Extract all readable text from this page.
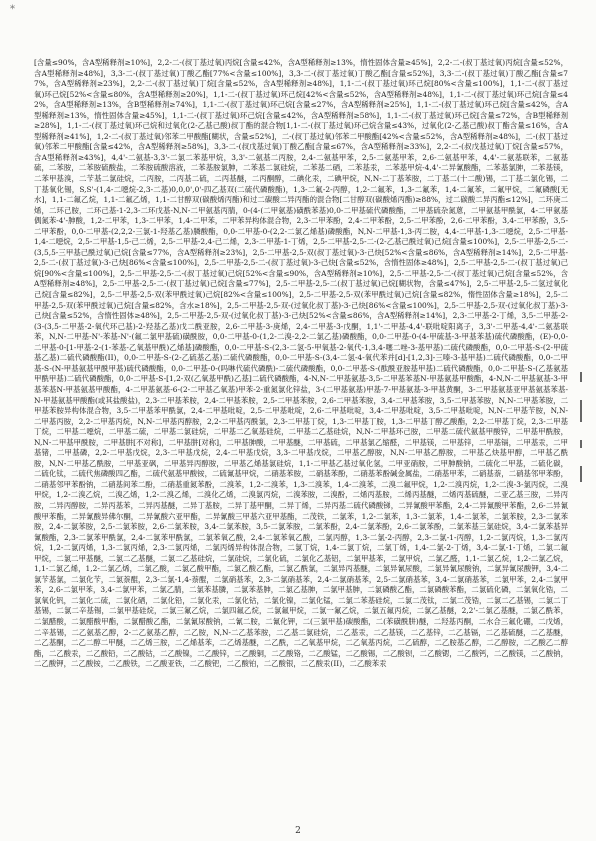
*
[含量≤90%，含A型稀释剂≥10%]，2,2-二-(叔丁基过氧)丙烷[含量≤42%，含A型稀释剂≥13%，惰性固体含量≥45%]，2,2-二-(叔丁基过氧)丙烷[含量≤52%，含A型稀释剂≥48%]，3,3-二-(叔丁基过氧)丁酸乙酯[77%<含量≤100%]，3,3-二-(叔丁基过氧)丁酸乙酯[含量≤52%]，3,3-二-(叔丁基过氧)丁酸乙酯[含量≤77%，含A型稀释剂≥23%]，2,2-二-(叔丁基过氧)丁烷[含量≤52%，含A型稀释剂≥48%]，1,1-二-(叔丁基过氧)环己烷[80%<含量≤100%]，1,1-二-(叔丁基过氧)环己烷[52%<含量≤80%，含A型稀释剂≥20%]，1,1-二-(叔丁基过氧)环己烷[42%<含量≤52%，含A型稀释剂≥48%]，1,1-二-(叔丁基过氧)环己烷[含量≤42%，含A型稀释剂≥13%，含B型稀释剂≥74%]，1,1-二-(叔丁基过氧)环己烷[含量≤27%，含A型稀释剂≥25%]，1,1-二-(叔丁基过氧)环己烷[含量≤42%，含A型稀释剂≥13%，惰性固体含量≥45%]，1,1-二-(叔丁基过氧)环己烷[含量≤42%，含A型稀释剂≥58%]，1,1-二-(叔丁基过氧)环己烷[含量≤72%，含B型稀释剂≥28%]，1,1-二-(叔丁基过氧)环己烷和过氧化(2-乙基己酸)叔丁酯的混合物[1,1-二-(叔丁基过氧)环己烷含量≤43%，过氧化(2-乙基己酸)叔丁酯含量≤16%，含A型稀释剂≥41%]，1,2-二-(叔丁基过氧)邻苯二甲酸酯[糊状，含量≤52%]，二-(叔丁基过氧)邻苯二甲酸酯[42%<含量≤52%，含A型稀释剂≥48%]，二-(叔丁基过氧)邻苯二甲酸酯[含量≤42%，含A型稀释剂≥58%]，3,3-二-(叔戊基过氧)丁酸乙酯[含量≤67%，含A型稀释剂≥33%]，2,2-二-(叔戊基过氧)丁烷[含量≤57%，含A型稀释剂≥43%]，4,4'-二氨基-3,3'-二氯二苯基甲烷，3,3'-二氨基二丙胺，2,4-二氨基甲苯，2,5-二氨基甲苯，2,6-二氨基甲苯，4,4'-二氨基联苯，二氨基硫，二苯胺，二苯胺硫酸盐，二苯胺硫酸溶液，二苯基胺氯胂，二苯基二氯硅烷，二苯基二硒，二苯基汞，二苯基甲烷-4,4'-二异氰酸酯，二苯基氯胂，二苯基镁，二苯甲基溴，二苄基二氯硅烷，二丙胺，二丙基二硫，二丙基醚，二丙酮醇，二碘化汞，二碘甲烷，N,N-二丁基苯胺，二丁基二(十二酸)锡，二丁基二氯化锡，二丁基氧化锡，S,S'-(1,4-二噁烷-2,3-二基)0,0,0',0'-四乙基双(二硫代磷酸酯)，1,3-二氟-2-丙醇，1,2-二氟苯，1,3-二氟苯，1,4-二氟苯，二氟甲烷，二氟磷酸[无水]，1,1-二氟乙烷，1,1-二氟乙烯，1,1-二甘醇双(碳酸烯丙酯)和过二碳酸二异丙酯的混合物[二甘醇双(碳酸烯丙酯)≥88%，过二碳酸二异丙酯≤12%]，二环庚二烯，二环己胺，二环己基-1-2,3-二环戊基-N,N-二甲氨基丙腈，0-(4-(二甲氨基)磺酰苯基)0,0-二甲基硫代磷酸酯，二甲基硫杂氮蒽，二甲氨基甲酰氯，4-二甲氨基偶氮苯-4'-胂酸，1,2-二甲苯，1,3-二甲苯，1,4-二甲苯，二甲苯异构体混合物，2,3-二甲苯酚，2,4-二甲苯酚，2,5-二甲苯酚，2,6-二甲苯酚，3,4-二甲苯酚，3,5-二甲苯酚，0,0-二甲基-(2,2,2-三氯-1-羟基乙基)膦酸酯，0,0-二甲基-0-(2,2-二氯乙烯基)磷酸酯，N,N-二甲基-1,3-丙二胺，4,4-二甲基-1,3-二噁烷，2,5-二甲基-1,4-二噁烷，2,5-二甲基-1,5-己二烯，2,5-二甲基-2,4-己二烯，2,3-二甲基-1-丁烯，2,5-二甲基-2,5-二-(2-乙基己酰过氧)己烷[含量≤100%]，2,5-二甲基-2,5-二-(3,5,5-三甲基己酰过氧)己烷[含量≤77%，含A型稀释剂≥23%]，2,5-二甲基-2,5-双(叔丁基过氧)-3-己炔[52%<含量≤86%，含A型稀释剂≥14%]，2,5-二甲基-2,5-二-(叔丁基过氧)-3-己炔[86%<含量≤100%]，2,5-二甲基-2,5-二-(叔丁基过氧)-3-己炔[含量≤52%，含惰性固体≥48%]，2,5-二甲基-2,5-二-(叔丁基过氧)己烷[90%<含量≤100%]，2,5-二甲基-2,5-二-(叔丁基过氧)己烷[52%<含量≤90%，含A型稀释剂≥10%]，2,5-二甲基-2,5-二-(叔丁基过氧)己烷[含量≤52%，含A型稀释剂≥48%]，2,5-二甲基-2,5-二-(叔丁基过氧)己烷[含量≤77%]，2,5-二甲基-2,5-二(叔丁基过氧)己烷[糊状物，含量≤47%]，2,5-二甲基-2,5-二氢过氧化己烷[含量≤82%]，2,5-二甲基-2,5-双(苯甲酰过氧)己烷[82%<含量≤100%]，2,5-二甲基-2,5-双(苯甲酰过氧)己烷[含量≤82%，惰性固体含量≥18%]，2,5-二甲基-2,5-双(苯甲酰过氧)己烷[含量≤82%，含水≥18%]，2,5-二甲基-2,5-双-(过氧化叔丁基)-3-己炔[86%<含量≤100%]，2,5-二甲基-2,5-双-(过氧化叔丁基)-3-己炔[含量≤52%，含惰性固体≥48%]，2,5-二甲基-2,5-双-(过氧化叔丁基)-3-己炔[52%<含量≤86%，含A型稀释剂≥14%]，2,3-二甲基-2-丁烯，3,5-二甲基-2-(3-(3,5-二甲基-2-氧代环己基)-2-羟基乙基)戊二酰亚胺，2,6-二甲基-3-庚烯，2,4-二甲基-3-戊酮，1,1'-二甲基-4,4'-联吡啶阳离子，3,3'-二甲基-4,4'-二氨基联苯，N,N-二甲基-N'-苯基-N'-(氟二氯甲基硫)磺酰胺，0,0-二甲基-0-(1,2-二溴-2,2-二氯乙基)磷酸酯，0,0-二甲基-0-(4-甲硫基-3-甲基苯基)硫代磷酸酯，(E)-0,0-二甲基-0-[1-甲基-2-(1-苯基-乙氧基甲酰)乙烯基]磷酸酯，0,0-二甲基-S-(2,3-二氢-5-甲氧基-2-氧代-1,3,4-噻二唑-3-基甲基)二硫代磷酸酯，0,0-二甲基-S-(2-甲硫基乙基)二硫代磷酸酯(II)，0,0-二甲基-S-(2-乙硫基乙基)二硫代磷酸酯，0,0-二甲基-S-(3,4-二氢-4-氧代苯并[d]-[1,2,3]-三嗪-3-基甲基)二硫代磷酸酯，0,0-二甲基-S-(N-甲基氨基甲酰甲基)硫代磷酸酯，0,0-二甲基-0-(吗啉代硫代磷酰)-二硫代磷酸酯，0,0-二甲基-S-(酞酰亚胺基甲基)二硫代磷酸酯，0,0-二甲基-S-(乙基氨基甲酰甲基)二硫代磷酸酯，0,0-二甲基-S-[1,2-双(乙氧基甲酰)乙基]二硫代磷酸酯，4-N,N-二甲基氨基-3,5-二甲基苯基N-甲基氨基甲酸酯，4-N,N-二甲基氨基-3-甲基苯基N-甲基氨基甲酸酯，4-二甲基氨基-6-(2-二甲基乙氧基)甲苯-2-重氮氯化锌盐，3-(二甲基氨基)甲基-7-甲基氨基-3-甲基黄酮，3-二甲基氨基亚甲基氨基苯基-N-甲基氨基甲酸酯(或其盐酸盐)，2,3-二甲基苯胺，2,4-二甲基苯胺，2,5-二甲基苯胺，2,6-二甲基苯胺，3,4-二甲基苯胺，3,5-二甲基苯胺，N,N-二甲基苯胺，二甲基苯胺异构体混合物，3,5-二甲基苯甲酰氯，2,4-二甲基吡啶，2,5-二甲基吡啶，2,6-二甲基吡啶，3,4-二甲基吡啶，3,5-二甲基吡啶，N,N-二甲基苄胺，N,N-二甲基丙胺，2,2-二甲基丙烷，N,N-二甲基丙醇胺，2,2-二甲基丙酰氯，2,3-二甲基丁烷，1,3-二甲基丁胺，1,3-二甲基丁醇乙酸酯，2,2-二甲基丁烷，2,3-二甲基丁烷，二甲基二噁烷，二甲基二硫，二甲基二氯硅烷，二甲基二乙氧基硅烷，二甲基二乙基硅烷，N,N-二甲基环己胺，二甲基二硫代氨基甲酸锌，二甲基甲酰胺，N,N-二甲基甲酰胺，二甲基肼[不对称]，二甲基肼[对称]，二甲基胂酸，二甲基醚，二甲基硫，二甲基氯乙缩醛，二甲基镁，二甲基锌，二甲基镉，二甲基汞，二甲基锗，二甲基磷，2,2-二甲基戊烷，2,3-二甲基戊烷，2,4-二甲基戊烷，3,3-二甲基戊烷，二甲基乙醇胺，N,N-二甲基乙醇胺，二甲基乙炔基甲醇，二甲基乙酰胺，N,N-二甲基乙酰胺，二甲基亚砜，二甲基异丙醇胺，二甲基乙烯基氯硅烷，1,1-二甲基乙基过氧化氢，二甲亚硝胺，二甲胂酸钠，二硫化二甲基，二硫化碳，二硫化钛，二硫代焦磷酸四乙酯，二硫代氨基甲酸铵，二硫氰基甲烷，二硝基苯胺，二硝基苯酚，二硝基苯酚碱金属盐，二硝基甲苯，二硝基萘，二硝基邻甲苯酚，二硝基邻甲苯酚钠，二硝基间苯二酚，二硝基重氮苯酚，二溴苯，1,2-二溴苯，1,3-二溴苯，1,4-二溴苯，二溴二氟甲烷，1,2-二溴丙烷，1,2-二溴-3-氯丙烷，二溴甲烷，1,2-二溴乙烷，二溴乙烯，1,2-二溴乙烯，二溴化乙烯，二溴氯丙烷，二溴苯胺，二溴酚，二烯丙基胺，二烯丙基醚，二烯丙基硫醚，二亚乙基三胺，二异丙胺，二异丙醇胺，二异丙基苯，二异丙基醚，二异丁基胺，二异丁基甲酮，二异丁烯，二异丙基二硫代磷酸锑，二异氰酸甲苯酯，2,4-二异氰酸甲苯酯，2,6-二异氰酸甲苯酯，二异氰酸异佛尔酮，二异氰酸六亚甲酯，二异氰酸三甲基六亚甲基酯，二茂铁，二氯苯，1,2-二氯苯，1,3-二氯苯，1,4-二氯苯，二氯苯胺，2,3-二氯苯胺，2,4-二氯苯胺，2,5-二氯苯胺，2,6-二氯苯胺，3,4-二氯苯胺，3,5-二氯苯胺，二氯苯酚，2,4-二氯苯酚，2,6-二氯苯酚，二氯苯基三氯硅烷，3,4-二氯苯基异氰酸酯，2,3-二氯苯甲酰氯，2,4-二氯苯甲酰氯，二氯苯氧乙酸，2,4-二氯苯氧乙酸，二氯丙醇，1,3-二氯-2-丙醇，2,3-二氯-1-丙醇，1,2-二氯丙烷，1,3-二氯丙烷，1,2-二氯丙烯，1,3-二氯丙烯，2,3-二氯丙烯，二氯丙烯异构体混合物，二氯丁烷，1,4-二氯丁烷，二氯丁烯，1,4-二氯-2-丁烯，3,4-二氯-1-丁烯，二氯二氟甲烷，二氯二甲基醚，二氯二乙基醚，二氯二乙基硅烷，二氯硅烷，二氯化硫，二氯化乙基铝，二氯甲基苯，二氯甲烷，二氯乙醛，1,1-二氯乙烷，1,2-二氯乙烷，1,1-二氯乙烯，1,2-二氯乙烯，二氯乙酸，二氯乙酸甲酯，二氯乙酸乙酯，二氯乙酰氯，二氯异丙基醚，二氯异氰尿酸，二氯异氰尿酸钠，二氯异氰尿酸钾，3,4-二氯苄基氯，二氯化苄，二氯萘醌，2,3-二氯-1,4-萘醌，二氯硝基苯，2,3-二氯硝基苯，2,4-二氯硝基苯，2,5-二氯硝基苯，3,4-二氯硝基苯，二氯甲苯，2,4-二氯甲苯，2,6-二氯甲苯，3,4-二氯甲苯，二氯乙腈，二氯苯基膦，二氯苯基胂，二氯乙基胂，二氯甲基胂，二氯磷酸乙酯，二氯磷酸苯酯，二氯硫化磷，二氯氧化锆，二氯氧化钒，二氯化二硫，二氯化硒，二氯化铅，二氯化汞，二氯化钴，二氯化镍，二氯化锰，二氯二苯基硅烷，二氯二茂钛，二氯二茂锆，二氯二乙基锡，二氯二丁基锡，二氯二辛基锡，二氯甲基硅烷，二氯三氟乙烷，二氯四氟乙烷，二氯氟甲烷，二氯一氟乙烷，二氯五氟丙烷，二氯乙基醚，2,2'-二氯乙基醚，二氯乙酰苯，二氯醋酸，二氯醋酸甲酯，二氯醋酸乙酯，二氯氰尿酸钠，二氰二胺，二氰化钾，二(三氯甲基)碳酸酯，二(苯磺酰肼)醚，二羟基丙酮，二水合三氟化硼，二戊烯，二辛基锡，二乙氨基乙醇，2-二乙氨基乙醇，二乙胺，N,N-二乙基苯胺，二乙基二氯硅烷，二乙基汞，二乙基镁，二乙基锌，二乙基镉，二乙基硫醚，二乙基醚，二乙基酮，二乙二醇二甲醚，二乙烯三胺，二乙烯基苯，二乙烯基醚，二乙酰，二乙氧基甲烷，二乙氧基丙烷，二乙硫醇，二乙胺基乙醇，二乙醇胺，二乙酸乙二醇酯，二乙酸汞，二乙酸铅，二乙酸钴，二乙酸镍，二乙酸锌，二乙酸铜，二乙酸铬，二乙酸锰，二乙酸锡，二乙酸钡，二乙酸锶，二乙酸钙，二乙酸镁，二乙酸钠，二乙酸钾，二乙酸铵，二乙酸铁，二乙酸亚铁，二乙酸钯，二乙酸铂，二乙酸银，二乙酸汞(II)，二乙酸苯汞
2
